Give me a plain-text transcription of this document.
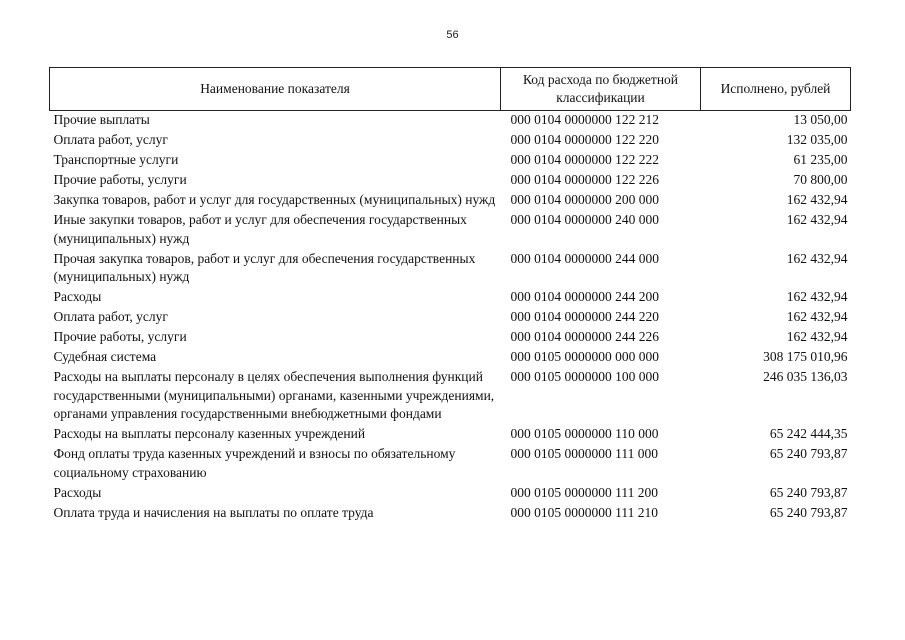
56
Наименование показателя	Код расхода по бюджетной классификации	Исполнено, рублей
Прочие выплаты	000 0104 0000000 122 212	13 050,00
Оплата работ, услуг	000 0104 0000000 122 220	132 035,00
Транспортные услуги	000 0104 0000000 122 222	61 235,00
Прочие работы, услуги	000 0104 0000000 122 226	70 800,00
Закупка товаров, работ и услуг для государственных (муниципальных) нужд	000 0104 0000000 200 000	162 432,94
Иные закупки товаров, работ и услуг для обеспечения государственных (муниципальных) нужд	000 0104 0000000 240 000	162 432,94
Прочая закупка товаров, работ и услуг для обеспечения государственных (муниципальных) нужд	000 0104 0000000 244 000	162 432,94
Расходы	000 0104 0000000 244 200	162 432,94
Оплата работ, услуг	000 0104 0000000 244 220	162 432,94
Прочие работы, услуги	000 0104 0000000 244 226	162 432,94
Судебная система	000 0105 0000000 000 000	308 175 010,96
Расходы на выплаты персоналу в целях обеспечения выполнения функций государственными (муниципальными) органами, казенными учреждениями, органами управления государственными внебюджетными фондами	000 0105 0000000 100 000	246 035 136,03
Расходы на выплаты персоналу казенных учреждений	000 0105 0000000 110 000	65 242 444,35
Фонд оплаты труда казенных учреждений и взносы по обязательному социальному страхованию	000 0105 0000000 111 000	65 240 793,87
Расходы	000 0105 0000000 111 200	65 240 793,87
Оплата труда и начисления на выплаты по оплате труда	000 0105 0000000 111 210	65 240 793,87
